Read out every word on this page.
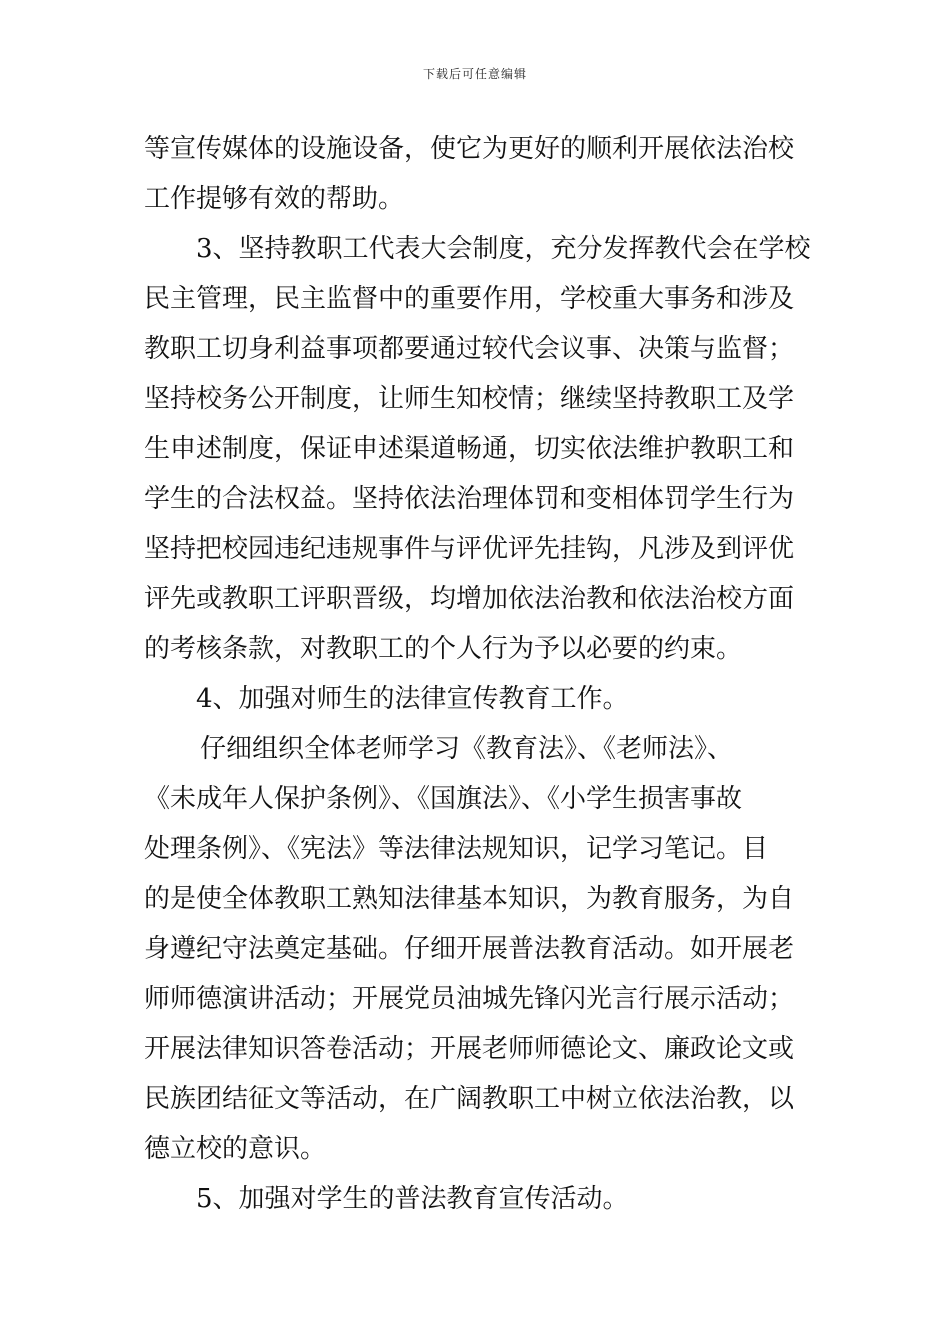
下载后可任意编辑
等宣传媒体的设施设备，使它为更好的顺利开展依法治校
工作提够有效的帮助。
3、坚持教职工代表大会制度，充分发挥教代会在学校
民主管理，民主监督中的重要作用，学校重大事务和涉及
教职工切身利益事项都要通过较代会议事、决策与监督；
坚持校务公开制度，让师生知校情；继续坚持教职工及学
生申述制度，保证申述渠道畅通，切实依法维护教职工和
学生的合法权益。坚持依法治理体罚和变相体罚学生行为
坚持把校园违纪违规事件与评优评先挂钩，凡涉及到评优
评先或教职工评职晋级，均增加依法治教和依法治校方面
的考核条款，对教职工的个人行为予以必要的约束。
4、加强对师生的法律宣传教育工作。
仔细组织全体老师学习《教育法》、《老师法》、
《未成年人保护条例》、《国旗法》、《小学生损害事故
处理条例》、《宪法》等法律法规知识，记学习笔记。目
的是使全体教职工熟知法律基本知识，为教育服务，为自
身遵纪守法奠定基础。仔细开展普法教育活动。如开展老
师师德演讲活动；开展党员油城先锋闪光言行展示活动；
开展法律知识答卷活动；开展老师师德论文、廉政论文或
民族团结征文等活动，在广阔教职工中树立依法治教，以
德立校的意识。
5、加强对学生的普法教育宣传活动。
